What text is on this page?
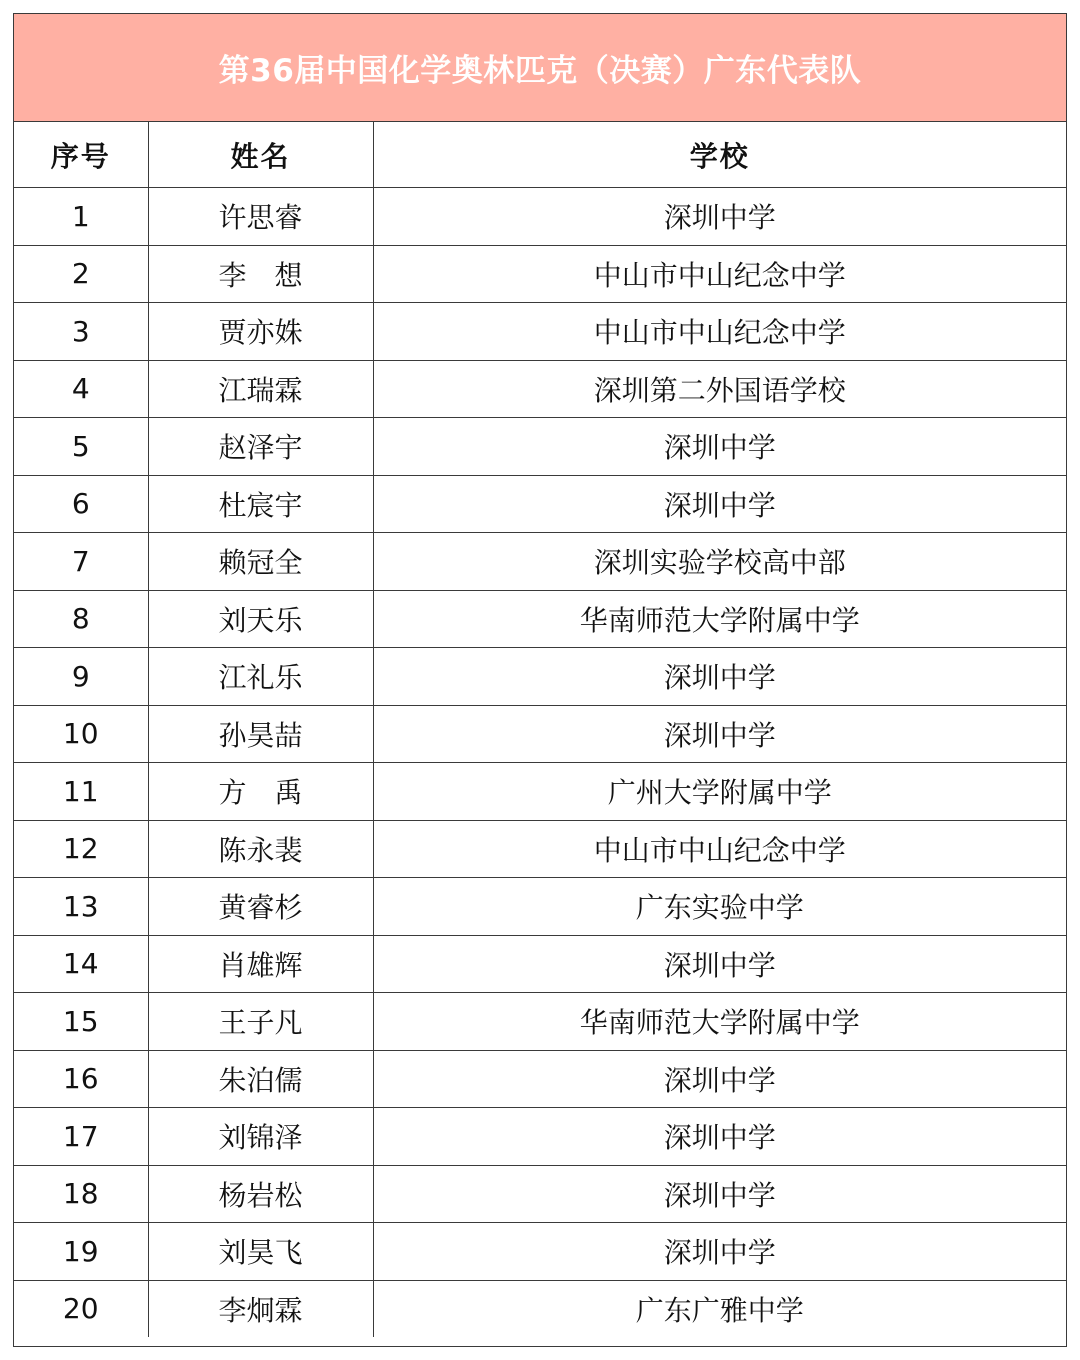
第36届中国化学奥林匹克（决赛）广东代表队
序号	姓名	学校
1	许思睿	深圳中学
2	李　想	中山市中山纪念中学
3	贾亦姝	中山市中山纪念中学
4	江瑞霖	深圳第二外国语学校
5	赵泽宇	深圳中学
6	杜宸宇	深圳中学
7	赖冠全	深圳实验学校高中部
8	刘天乐	华南师范大学附属中学
9	江礼乐	深圳中学
10	孙昊喆	深圳中学
11	方　禹	广州大学附属中学
12	陈永裴	中山市中山纪念中学
13	黄睿杉	广东实验中学
14	肖雄辉	深圳中学
15	王子凡	华南师范大学附属中学
16	朱泊儒	深圳中学
17	刘锦泽	深圳中学
18	杨岩松	深圳中学
19	刘昊飞	深圳中学
20	李炯霖	广东广雅中学
